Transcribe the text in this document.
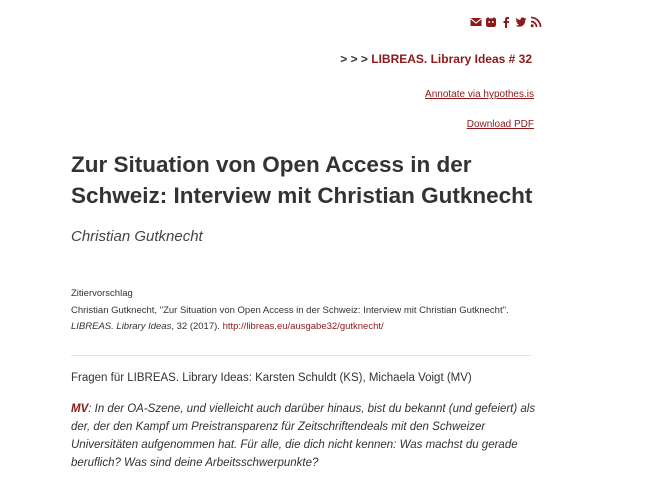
> > > LIBREAS. Library Ideas # 32
Annotate via hypothes.is
Download PDF
Zur Situation von Open Access in der Schweiz: Interview mit Christian Gutknecht
Christian Gutknecht
Zitiervorschlag
Christian Gutknecht, "Zur Situation von Open Access in der Schweiz: Interview mit Christian Gutknecht".
LIBREAS. Library Ideas, 32 (2017). http://libreas.eu/ausgabe32/gutknecht/
Fragen für LIBREAS. Library Ideas: Karsten Schuldt (KS), Michaela Voigt (MV)

MV: In der OA-Szene, und vielleicht auch darüber hinaus, bist du bekannt (und gefeiert) als der, der den Kampf um Preistransparenz für Zeitschriftendeals mit den Schweizer Universitäten aufgenommen hat. Für alle, die dich nicht kennen: Was machst du gerade beruflich? Was sind deine Arbeitsschwerpunkte?
